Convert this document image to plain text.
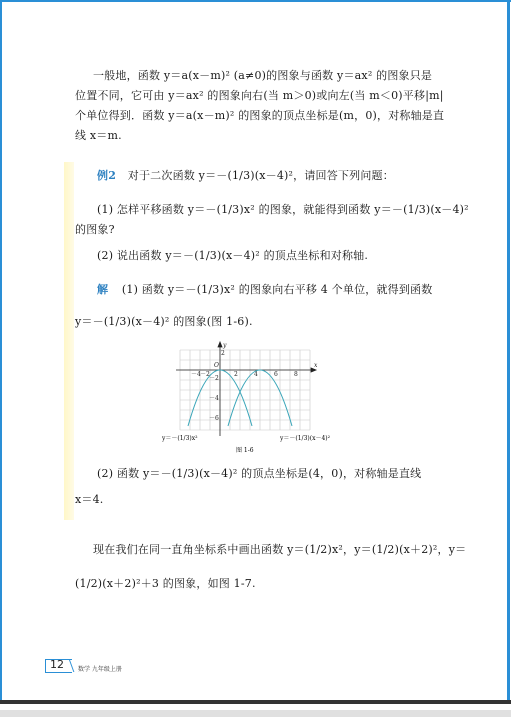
一般地，函数 y＝a(x－m)² (a≠0)的图象与函数 y＝ax² 的图象只是
位置不同，它可由 y＝ax² 的图象向右(当 m＞0)或向左(当 m＜0)平移|m|
个单位得到．函数 y＝a(x－m)² 的图象的顶点坐标是(m，0)，对称轴是直
线 x＝m.
例2 对于二次函数 y＝－(1/3)(x－4)²，请回答下列问题：
(1) 怎样平移函数 y＝－(1/3)x² 的图象，就能得到函数 y＝－(1/3)(x－4)²
的图象?
(2) 说出函数 y＝－(1/3)(x－4)² 的顶点坐标和对称轴.
解 (1) 函数 y＝－(1/3)x² 的图象向右平移 4 个单位，就得到函数
y＝－(1/3)(x－4)² 的图象(图 1-6).
x
y
O
－4 －2	2	4	6	8
2
－2
－4
－6
y＝－(1/3)x²	y＝－(1/3)(x－4)²
图 1-6
(2) 函数 y＝－(1/3)(x－4)² 的顶点坐标是(4，0)，对称轴是直线
x＝4.
现在我们在同一直角坐标系中画出函数 y＝(1/2)x²，y＝(1/2)(x＋2)²，y＝
(1/2)(x＋2)²＋3 的图象，如图 1-7.
12 数学 九年级上册
